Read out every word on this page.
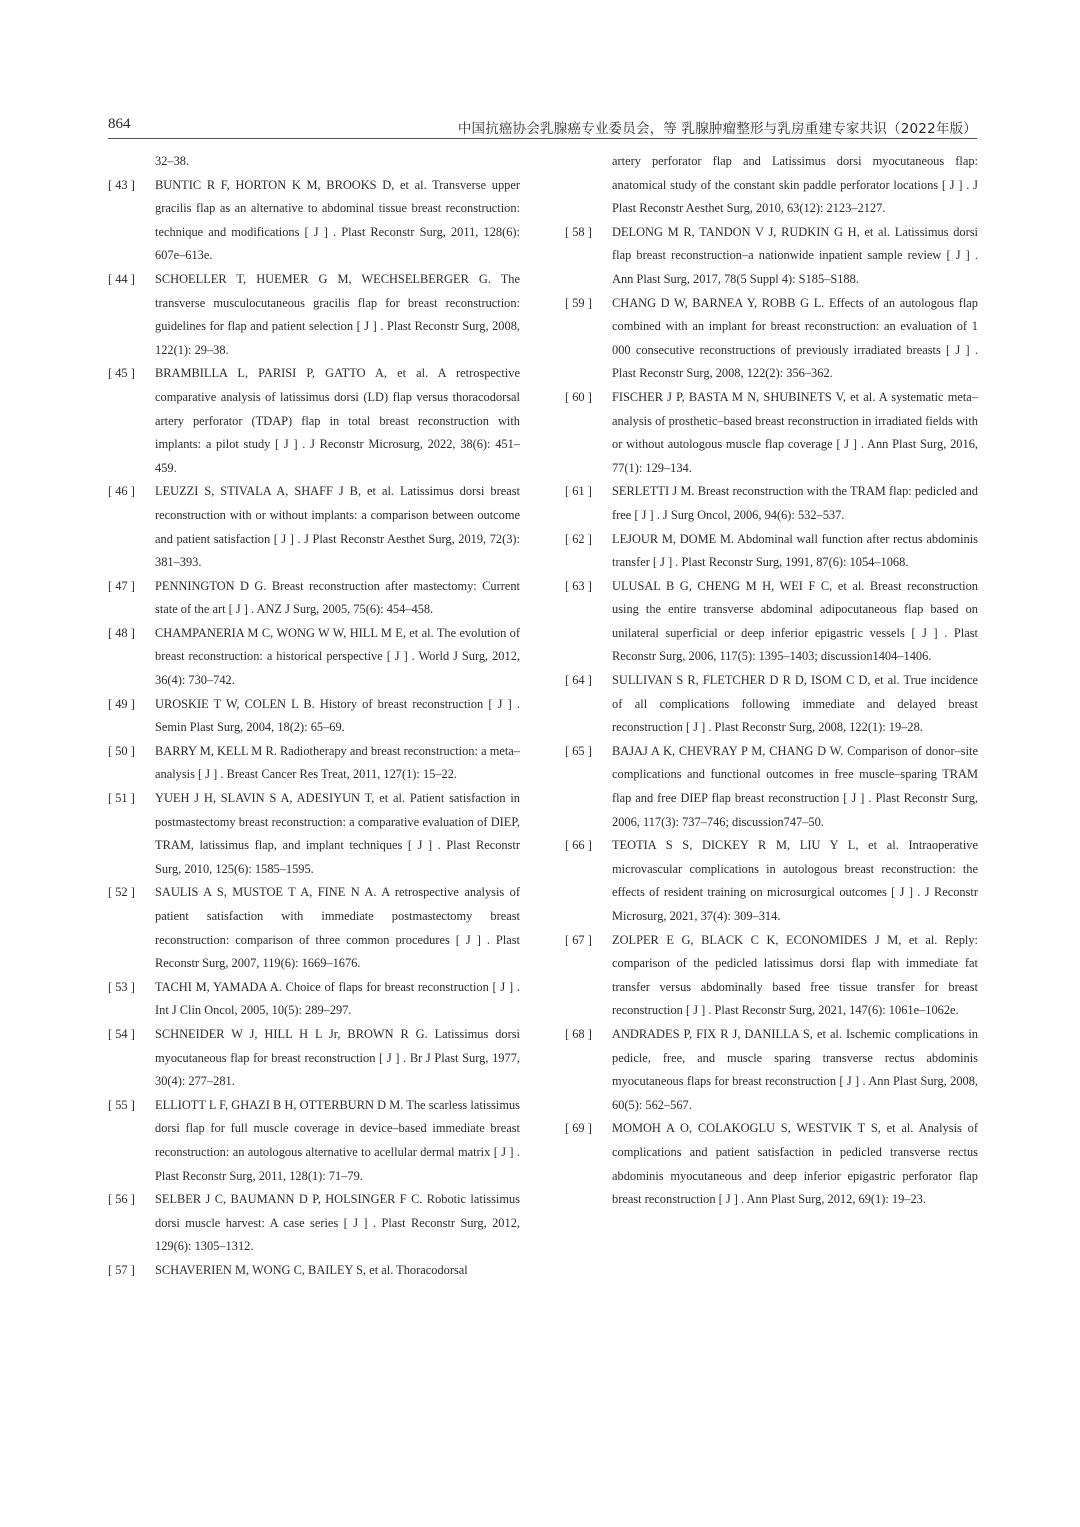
864	中国抗癌协会乳腺癌专业委员会，等 乳腺肿瘤整形与乳房重建专家共识（2022年版）
32–38.
[ 43 ] BUNTIC R F, HORTON K M, BROOKS D, et al. Transverse upper gracilis flap as an alternative to abdominal tissue breast reconstruction: technique and modifications [ J ] . Plast Reconstr Surg, 2011, 128(6): 607e–613e.
[ 44 ] SCHOELLER T, HUEMER G M, WECHSELBERGER G. The transverse musculocutaneous gracilis flap for breast reconstruction: guidelines for flap and patient selection [ J ] . Plast Reconstr Surg, 2008, 122(1): 29–38.
[ 45 ] BRAMBILLA L, PARISI P, GATTO A, et al. A retrospective comparative analysis of latissimus dorsi (LD) flap versus thoracodorsal artery perforator (TDAP) flap in total breast reconstruction with implants: a pilot study [ J ] . J Reconstr Microsurg, 2022, 38(6): 451–459.
[ 46 ] LEUZZI S, STIVALA A, SHAFF J B, et al. Latissimus dorsi breast reconstruction with or without implants: a comparison between outcome and patient satisfaction [ J ] . J Plast Reconstr Aesthet Surg, 2019, 72(3): 381–393.
[ 47 ] PENNINGTON D G. Breast reconstruction after mastectomy: Current state of the art [ J ] . ANZ J Surg, 2005, 75(6): 454–458.
[ 48 ] CHAMPANERIA M C, WONG W W, HILL M E, et al. The evolution of breast reconstruction: a historical perspective [ J ] . World J Surg, 2012, 36(4): 730–742.
[ 49 ] UROSKIE T W, COLEN L B. History of breast reconstruction [ J ] . Semin Plast Surg, 2004, 18(2): 65–69.
[ 50 ] BARRY M, KELL M R. Radiotherapy and breast reconstruction: a meta–analysis [ J ] . Breast Cancer Res Treat, 2011, 127(1): 15–22.
[ 51 ] YUEH J H, SLAVIN S A, ADESIYUN T, et al. Patient satisfaction in postmastectomy breast reconstruction: a comparative evaluation of DIEP, TRAM, latissimus flap, and implant techniques [ J ] . Plast Reconstr Surg, 2010, 125(6): 1585–1595.
[ 52 ] SAULIS A S, MUSTOE T A, FINE N A. A retrospective analysis of patient satisfaction with immediate postmastectomy breast reconstruction: comparison of three common procedures [ J ] . Plast Reconstr Surg, 2007, 119(6): 1669–1676.
[ 53 ] TACHI M, YAMADA A. Choice of flaps for breast reconstruction [ J ] . Int J Clin Oncol, 2005, 10(5): 289–297.
[ 54 ] SCHNEIDER W J, HILL H L Jr, BROWN R G. Latissimus dorsi myocutaneous flap for breast reconstruction [ J ] . Br J Plast Surg, 1977, 30(4): 277–281.
[ 55 ] ELLIOTT L F, GHAZI B H, OTTERBURN D M. The scarless latissimus dorsi flap for full muscle coverage in device–based immediate breast reconstruction: an autologous alternative to acellular dermal matrix [ J ] . Plast Reconstr Surg, 2011, 128(1): 71–79.
[ 56 ] SELBER J C, BAUMANN D P, HOLSINGER F C. Robotic latissimus dorsi muscle harvest: A case series [ J ] . Plast Reconstr Surg, 2012, 129(6): 1305–1312.
[ 57 ] SCHAVERIEN M, WONG C, BAILEY S, et al. Thoracodorsal
artery perforator flap and Latissimus dorsi myocutaneous flap: anatomical study of the constant skin paddle perforator locations [ J ] . J Plast Reconstr Aesthet Surg, 2010, 63(12): 2123–2127.
[ 58 ] DELONG M R, TANDON V J, RUDKIN G H, et al. Latissimus dorsi flap breast reconstruction–a nationwide inpatient sample review [ J ] . Ann Plast Surg, 2017, 78(5 Suppl 4): S185–S188.
[ 59 ] CHANG D W, BARNEA Y, ROBB G L. Effects of an autologous flap combined with an implant for breast reconstruction: an evaluation of 1 000 consecutive reconstructions of previously irradiated breasts [ J ] . Plast Reconstr Surg, 2008, 122(2): 356–362.
[ 60 ] FISCHER J P, BASTA M N, SHUBINETS V, et al. A systematic meta–analysis of prosthetic–based breast reconstruction in irradiated fields with or without autologous muscle flap coverage [ J ] . Ann Plast Surg, 2016, 77(1): 129–134.
[ 61 ] SERLETTI J M. Breast reconstruction with the TRAM flap: pedicled and free [ J ] . J Surg Oncol, 2006, 94(6): 532–537.
[ 62 ] LEJOUR M, DOME M. Abdominal wall function after rectus abdominis transfer [ J ] . Plast Reconstr Surg, 1991, 87(6): 1054–1068.
[ 63 ] ULUSAL B G, CHENG M H, WEI F C, et al. Breast reconstruction using the entire transverse abdominal adipocutaneous flap based on unilateral superficial or deep inferior epigastric vessels [ J ] . Plast Reconstr Surg, 2006, 117(5): 1395–1403; discussion1404–1406.
[ 64 ] SULLIVAN S R, FLETCHER D R D, ISOM C D, et al. True incidence of all complications following immediate and delayed breast reconstruction [ J ] . Plast Reconstr Surg, 2008, 122(1): 19–28.
[ 65 ] BAJAJ A K, CHEVRAY P M, CHANG D W. Comparison of donor–site complications and functional outcomes in free muscle–sparing TRAM flap and free DIEP flap breast reconstruction [ J ] . Plast Reconstr Surg, 2006, 117(3): 737–746; discussion747–50.
[ 66 ] TEOTIA S S, DICKEY R M, LIU Y L, et al. Intraoperative microvascular complications in autologous breast reconstruction: the effects of resident training on microsurgical outcomes [ J ] . J Reconstr Microsurg, 2021, 37(4): 309–314.
[ 67 ] ZOLPER E G, BLACK C K, ECONOMIDES J M, et al. Reply: comparison of the pedicled latissimus dorsi flap with immediate fat transfer versus abdominally based free tissue transfer for breast reconstruction [ J ] . Plast Reconstr Surg, 2021, 147(6): 1061e–1062e.
[ 68 ] ANDRADES P, FIX R J, DANILLA S, et al. Ischemic complications in pedicle, free, and muscle sparing transverse rectus abdominis myocutaneous flaps for breast reconstruction [ J ] . Ann Plast Surg, 2008, 60(5): 562–567.
[ 69 ] MOMOH A O, COLAKOGLU S, WESTVIK T S, et al. Analysis of complications and patient satisfaction in pedicled transverse rectus abdominis myocutaneous and deep inferior epigastric perforator flap breast reconstruction [ J ] . Ann Plast Surg, 2012, 69(1): 19–23.
